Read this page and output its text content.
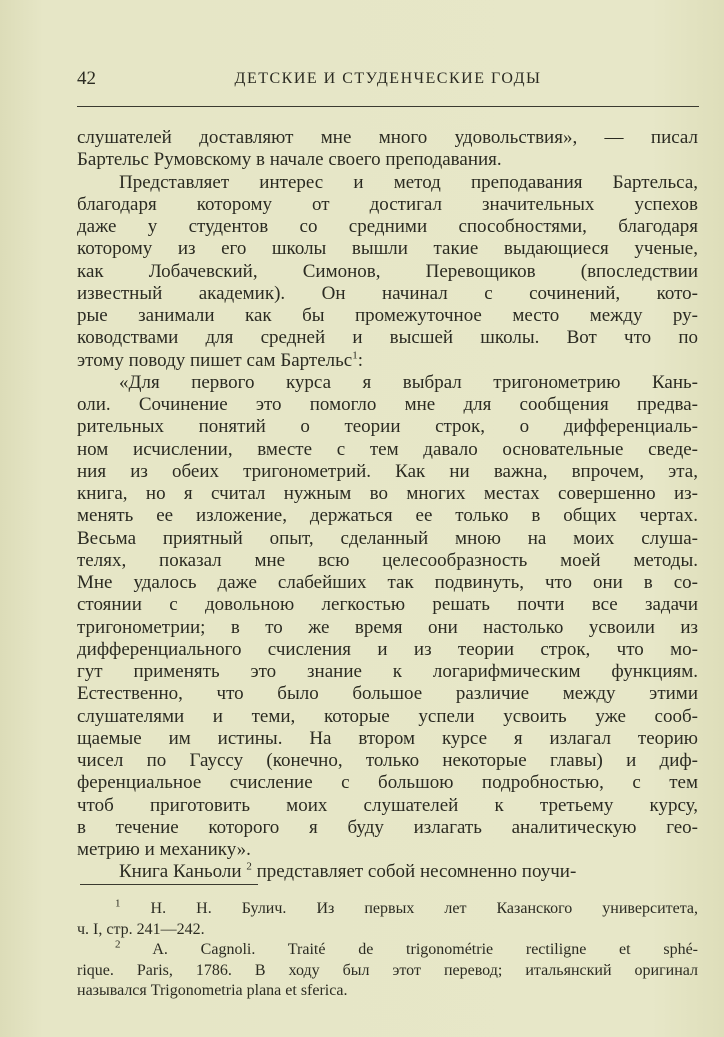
42	ДЕТСКИЕ И СТУДЕНЧЕСКИЕ ГОДЫ
слушателей доставляют мне много удовольствия», — писал
Бартельс Румовскому в начале своего преподавания.
Представляет интерес и метод преподавания Бартельса,
благодаря которому от достигал значительных успехов
даже у студентов со средними способностями, благодаря
которому из его школы вышли такие выдающиеся ученые,
как Лобачевский, Симонов, Перевощиков (впоследствии
известный академик). Он начинал с сочинений, кото-
рые занимали как бы промежуточное место между ру-
ководствами для средней и высшей школы. Вот что по
этому поводу пишет сам Бартельс$^1$:
«Для первого курса я выбрал тригонометрию Кань-
оли. Сочинение это помогло мне для сообщения предва-
рительных понятий о теории строк, о дифференциаль-
ном исчислении, вместе с тем давало основательные сведе-
ния из обеих тригонометрий. Как ни важна, впрочем, эта,
книга, но я считал нужным во многих местах совершенно из-
менять ее изложение, держаться ее только в общих чертах.
Весьма приятный опыт, сделанный мною на моих слуша-
телях, показал мне всю целесообразность моей методы.
Мне удалось даже слабейших так подвинуть, что они в со-
стоянии с довольною легкостью решать почти все задачи
тригонометрии; в то же время они настолько усвоили из
дифференциального счисления и из теории строк, что мо-
гут применять это знание к логарифмическим функциям.
Естественно, что было большое различие между этими
слушателями и теми, которые успели усвоить уже сооб-
щаемые им истины. На втором курсе я излагал теорию
чисел по Гауссу (конечно, только некоторые главы) и диф-
ференциальное счисление с большою подробностью, с тем
чтоб приготовить моих слушателей к третьему курсу,
в течение которого я буду излагать аналитическую гео-
метрию и механику».
Книга Каньоли $^2$ представляет собой несомненно поучи-
$^1$ Н. Н. Булич. Из первых лет Казанского университета,
ч. I, стр. 241—242.
$^2$ A. Cagnoli. Traité de trigonométrie rectiligne et sphé-
rique. Paris, 1786. В ходу был этот перевод; итальянский оригинал
назывался Trigonometria plana et sferica.
